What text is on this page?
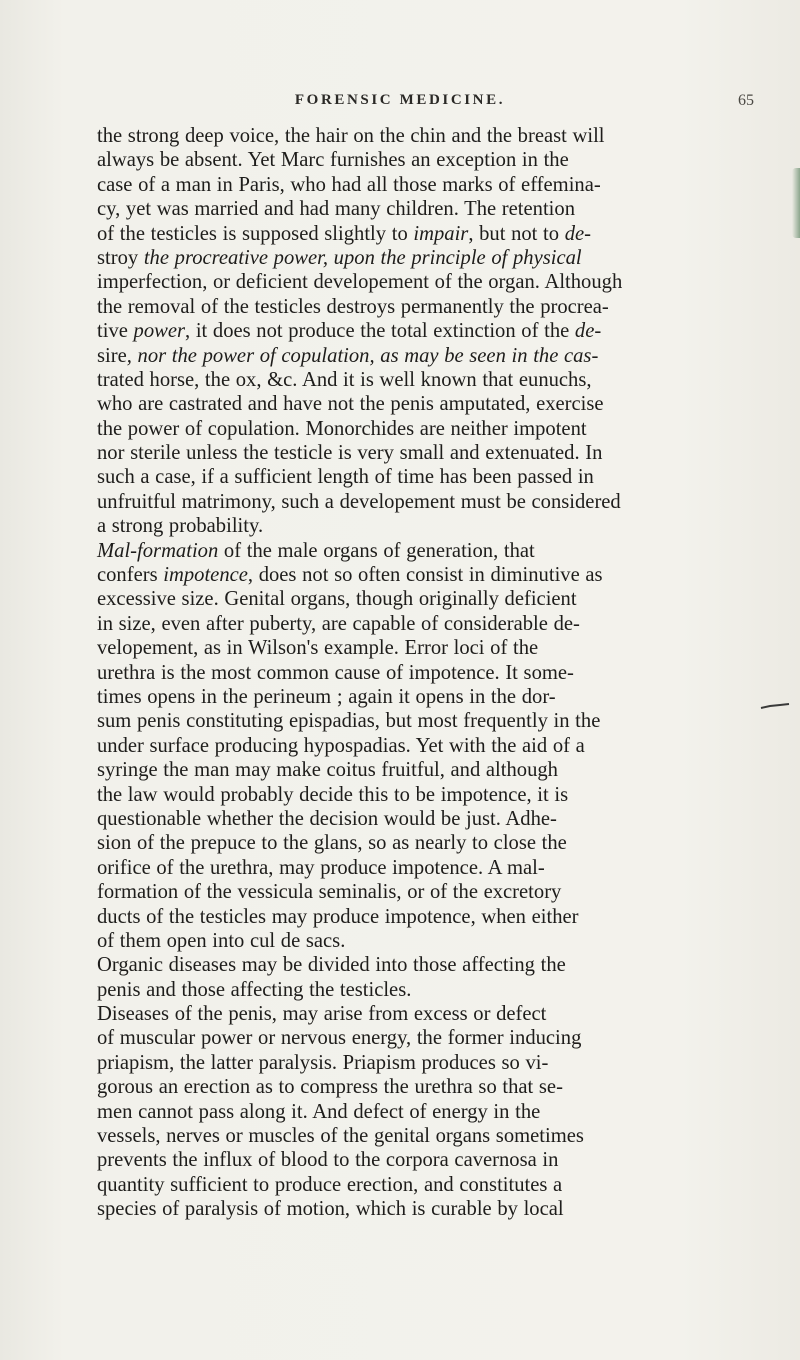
FORENSIC MEDICINE.	65
the strong deep voice, the hair on the chin and the breast will
always be absent. Yet Marc furnishes an exception in the
case of a man in Paris, who had all those marks of effemina-
cy, yet was married and had many children. The retention
of the testicles is supposed slightly to impair, but not to de-
stroy the procreative power, upon the principle of physical
imperfection, or deficient developement of the organ. Although
the removal of the testicles destroys permanently the procrea-
tive power, it does not produce the total extinction of the de-
sire, nor the power of copulation, as may be seen in the cas-
trated horse, the ox, &c. And it is well known that eunuchs,
who are castrated and have not the penis amputated, exercise
the power of copulation. Monorchides are neither impotent
nor sterile unless the testicle is very small and extenuated. In
such a case, if a sufficient length of time has been passed in
unfruitful matrimony, such a developement must be considered
a strong probability.
Mal-formation of the male organs of generation, that
confers impotence, does not so often consist in diminutive as
excessive size. Genital organs, though originally deficient
in size, even after puberty, are capable of considerable de-
velopement, as in Wilson's example. Error loci of the
urethra is the most common cause of impotence. It some-
times opens in the perineum ; again it opens in the dor-
sum penis constituting epispadias, but most frequently in the
under surface producing hypospadias. Yet with the aid of a
syringe the man may make coitus fruitful, and although
the law would probably decide this to be impotence, it is
questionable whether the decision would be just. Adhe-
sion of the prepuce to the glans, so as nearly to close the
orifice of the urethra, may produce impotence. A mal-
formation of the vessicula seminalis, or of the excretory
ducts of the testicles may produce impotence, when either
of them open into cul de sacs.
Organic diseases may be divided into those affecting the
penis and those affecting the testicles.
Diseases of the penis, may arise from excess or defect
of muscular power or nervous energy, the former inducing
priapism, the latter paralysis. Priapism produces so vi-
gorous an erection as to compress the urethra so that se-
men cannot pass along it. And defect of energy in the
vessels, nerves or muscles of the genital organs sometimes
prevents the influx of blood to the corpora cavernosa in
quantity sufficient to produce erection, and constitutes a
species of paralysis of motion, which is curable by local
